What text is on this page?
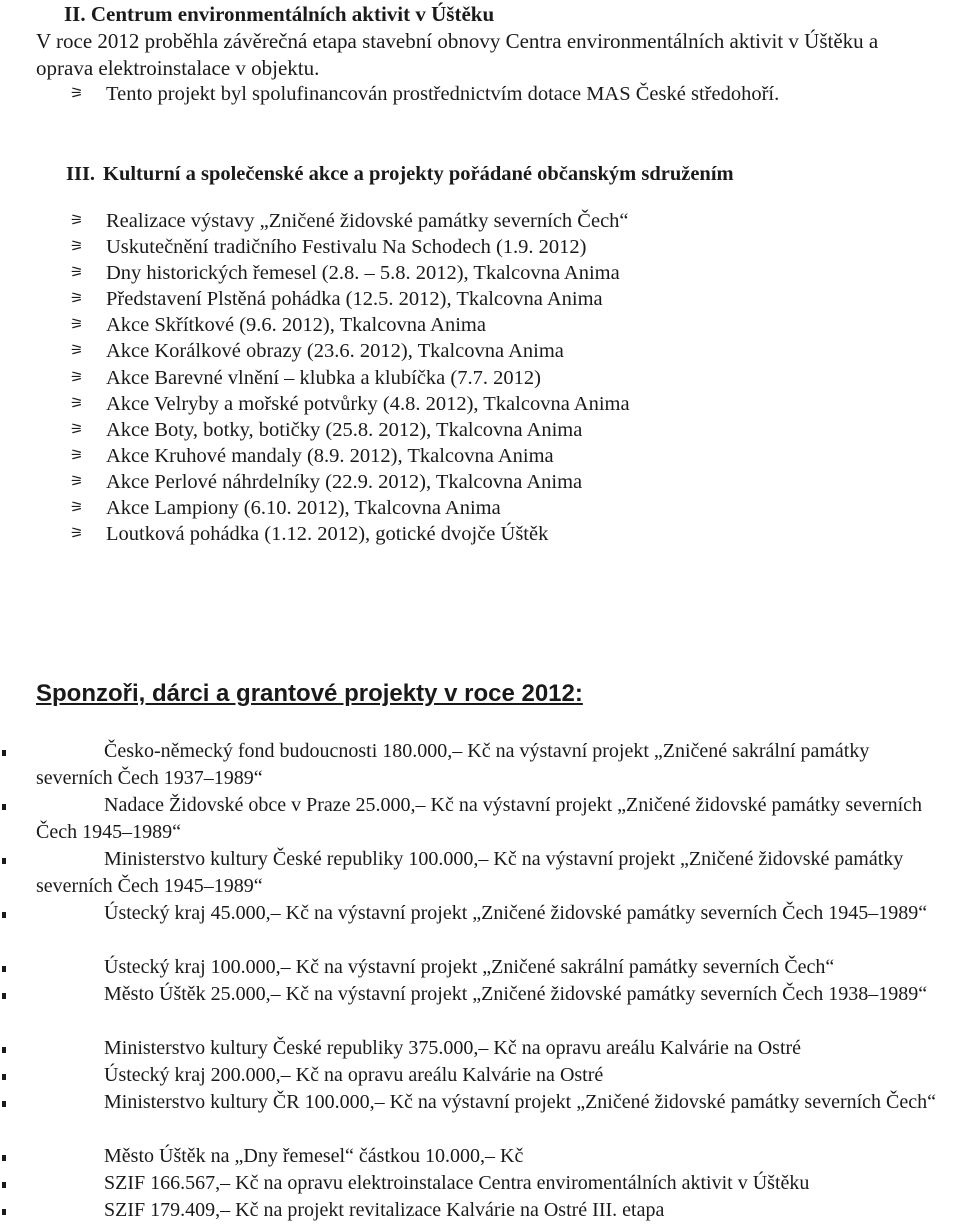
II. Centrum environmentálních aktivit v Úštěku
V roce 2012 proběhla závěrečná etapa stavební obnovy Centra environmentálních aktivit v Úštěku a
oprava elektroinstalace v objektu.
⚞ Tento projekt byl spolufinancován prostřednictvím dotace MAS České středohoří.
III. Kulturní a společenské akce a projekty pořádané občanským sdružením
⚞ Realizace výstavy „Zničené židovské památky severních Čech“
⚞ Uskutečnění tradičního Festivalu Na Schodech (1.9. 2012)
⚞ Dny historických řemesel (2.8. – 5.8. 2012), Tkalcovna Anima
⚞ Představení Plstěná pohádka (12.5. 2012), Tkalcovna Anima
⚞ Akce Skřítkové (9.6. 2012), Tkalcovna Anima
⚞ Akce Korálkové obrazy (23.6. 2012), Tkalcovna Anima
⚞ Akce Barevné vlnění – klubka a klubíčka (7.7. 2012)
⚞ Akce Velryby a mořské potvůrky (4.8. 2012), Tkalcovna Anima
⚞ Akce Boty, botky, botičky (25.8. 2012), Tkalcovna Anima
⚞ Akce Kruhové mandaly (8.9. 2012), Tkalcovna Anima
⚞ Akce Perlové náhrdelníky (22.9. 2012), Tkalcovna Anima
⚞ Akce Lampiony (6.10. 2012), Tkalcovna Anima
⚞ Loutková pohádka (1.12. 2012), gotické dvojče Úštěk
Sponzoři, dárci a grantové projekty v roce 2012:
Česko-německý fond budoucnosti 180.000,– Kč na výstavní projekt „Zničené sakrální památky severních Čech 1937–1989“
Nadace Židovské obce v Praze 25.000,– Kč na výstavní projekt „Zničené židovské památky severních Čech 1945–1989“
Ministerstvo kultury České republiky 100.000,– Kč na výstavní projekt „Zničené židovské památky severních Čech 1945–1989“
Ústecký kraj 45.000,– Kč na výstavní projekt „Zničené židovské památky severních Čech 1945–1989“
Ústecký kraj 100.000,– Kč na výstavní projekt „Zničené sakrální památky severních Čech“
Město Úštěk 25.000,– Kč na výstavní projekt „Zničené židovské památky severních Čech 1938–1989“
Ministerstvo kultury České republiky 375.000,– Kč na opravu areálu Kalvárie na Ostré
Ústecký kraj 200.000,– Kč na opravu areálu Kalvárie na Ostré
Ministerstvo kultury ČR 100.000,– Kč na výstavní projekt „Zničené židovské památky severních Čech“
Město Úštěk na „Dny řemesel“ částkou 10.000,– Kč
SZIF 166.567,– Kč na opravu elektroinstalace Centra enviromentálních aktivit v Úštěku
SZIF 179.409,– Kč na projekt revitalizace Kalvárie na Ostré III. etapa
